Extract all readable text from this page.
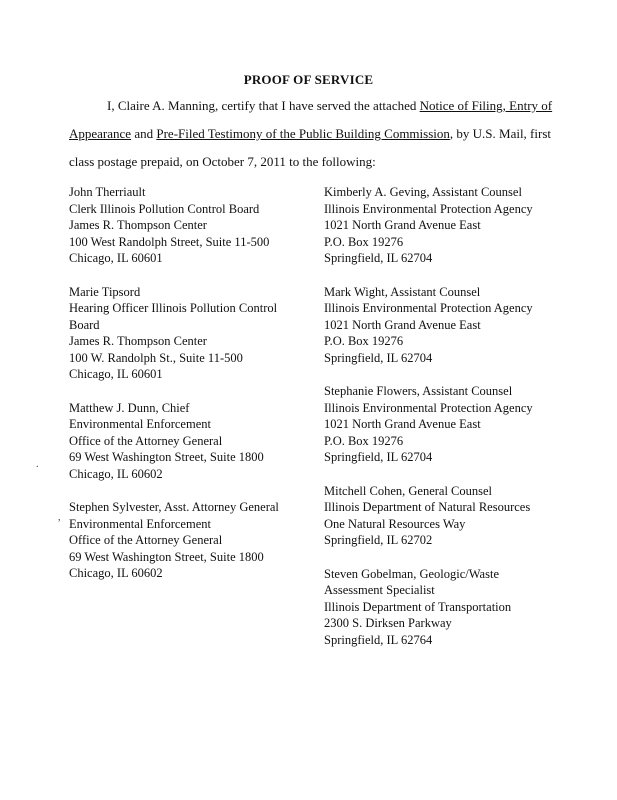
PROOF OF SERVICE
I, Claire A. Manning, certify that I have served the attached Notice of Filing, Entry of
Appearance and Pre-Filed Testimony of the Public Building Commission, by U.S. Mail, first
class postage prepaid, on October 7, 2011 to the following:
John Therriault
Clerk Illinois Pollution Control Board
James R. Thompson Center
100 West Randolph Street, Suite 11-500
Chicago, IL 60601
Marie Tipsord
Hearing Officer Illinois Pollution Control Board
James R. Thompson Center
100 W. Randolph St., Suite 11-500
Chicago, IL 60601
Matthew J. Dunn, Chief
Environmental Enforcement
Office of the Attorney General
69 West Washington Street, Suite 1800
Chicago, IL 60602
Stephen Sylvester, Asst. Attorney General
Environmental Enforcement
Office of the Attorney General
69 West Washington Street, Suite 1800
Chicago, IL 60602
Kimberly A. Geving, Assistant Counsel
Illinois Environmental Protection Agency
1021 North Grand Avenue East
P.O. Box 19276
Springfield, IL 62704
Mark Wight, Assistant Counsel
Illinois Environmental Protection Agency
1021 North Grand Avenue East
P.O. Box 19276
Springfield, IL 62704
Stephanie Flowers, Assistant Counsel
Illinois Environmental Protection Agency
1021 North Grand Avenue East
P.O. Box 19276
Springfield, IL 62704
Mitchell Cohen, General Counsel
Illinois Department of Natural Resources
One Natural Resources Way
Springfield, IL 62702
Steven Gobelman, Geologic/Waste
Assessment Specialist
Illinois Department of Transportation
2300 S. Dirksen Parkway
Springfield, IL 62764
.
,
